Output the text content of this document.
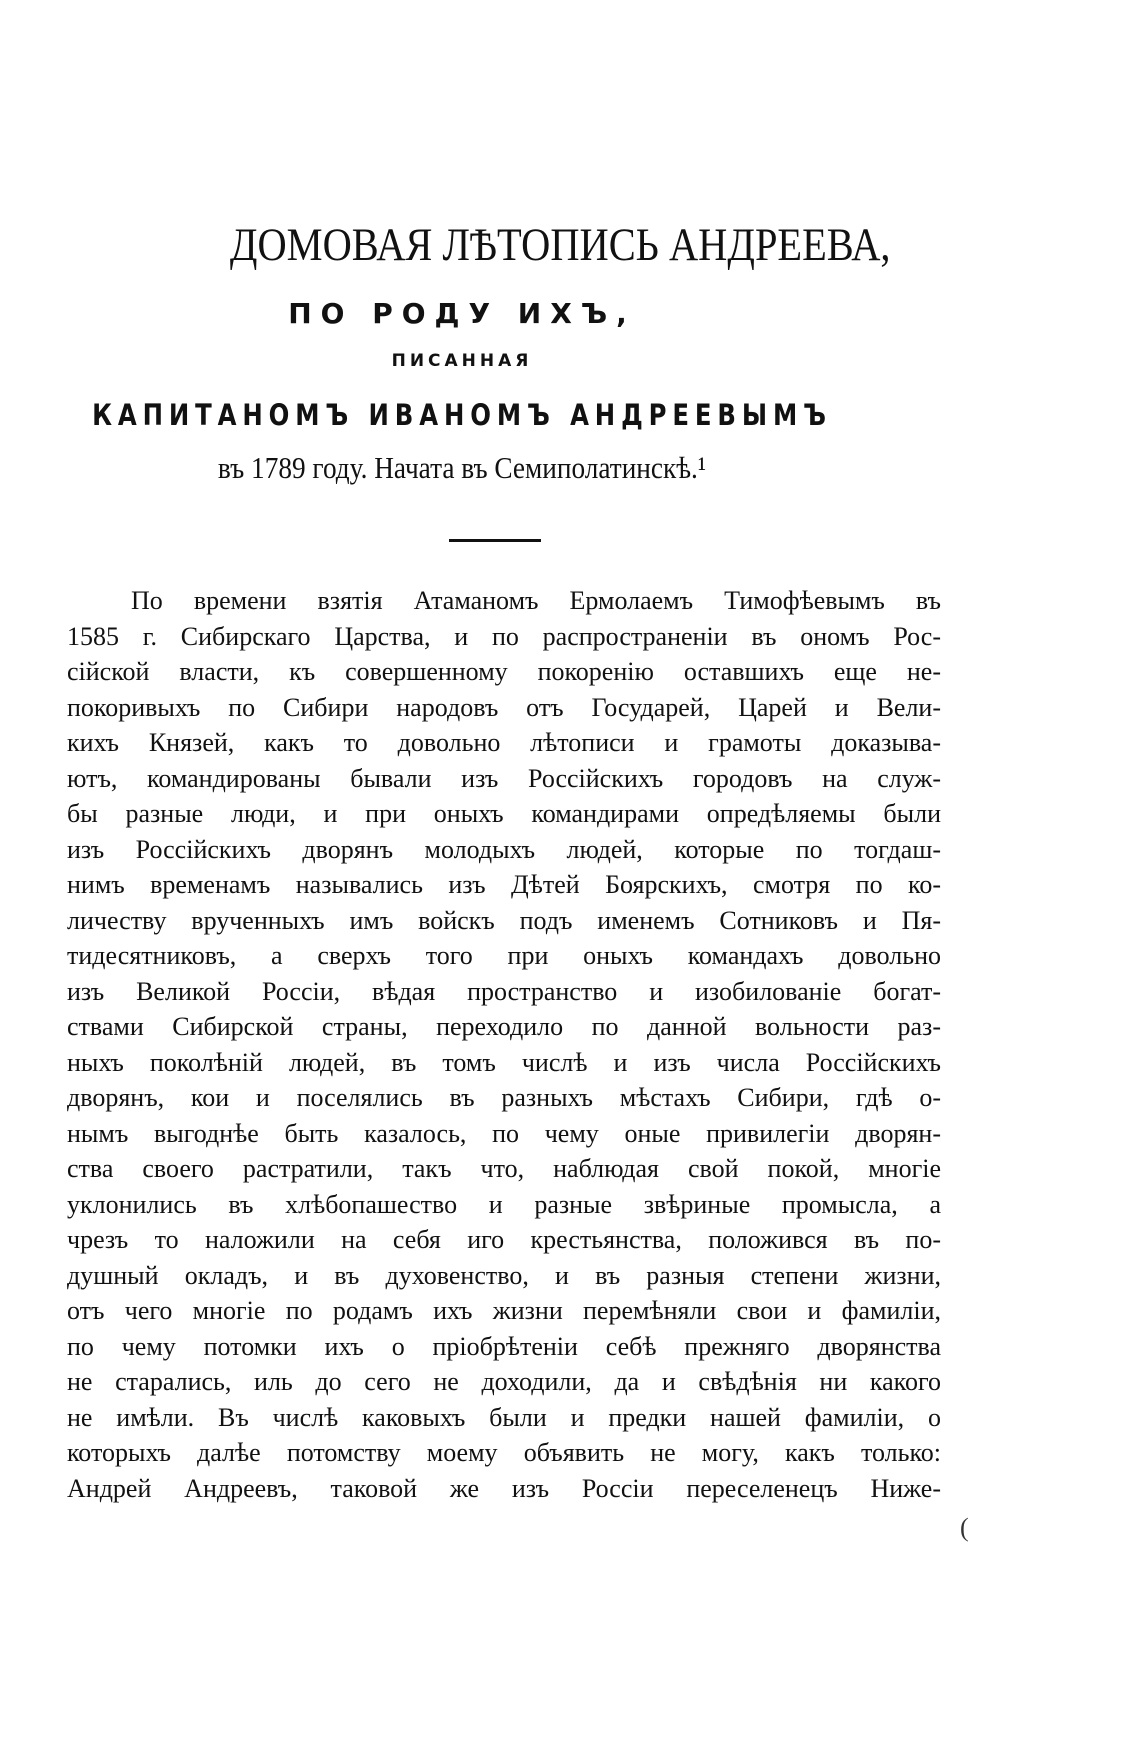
ДОМОВАЯ ЛѢТОПИСЬ АНДРЕЕВА,
ПО РОДУ ИХЪ,
ПИСАННАЯ
КАПИТАНОМЪ ИВАНОМЪ АНДРЕЕВЫМЪ
въ 1789 году. Начата въ Семиполатинскѣ.¹
По времени взятія Атаманомъ Ермолаемъ Тимофѣевымъ въ
1585 г. Сибирскаго Царства, и по распространеніи въ ономъ Рос-
сійской власти, къ совершенному покоренію оставшихъ еще не-
покоривыхъ по Сибири народовъ отъ Государей, Царей и Вели-
кихъ Князей, какъ то довольно лѣтописи и грамоты доказыва-
ютъ, командированы бывали изъ Россійскихъ городовъ на служ-
бы разные люди, и при оныхъ командирами опредѣляемы были
изъ Россійскихъ дворянъ молодыхъ людей, которые по тогдаш-
нимъ временамъ назывались изъ Дѣтей Боярскихъ, смотря по ко-
личеству врученныхъ имъ войскъ подъ именемъ Сотниковъ и Пя-
тидесятниковъ, а сверхъ того при оныхъ командахъ довольно
изъ Великой Россіи, вѣдая пространство и изобилованіе богат-
ствами Сибирской страны, переходило по данной вольности раз-
ныхъ поколѣній людей, въ томъ числѣ и изъ числа Россійскихъ
дворянъ, кои и поселялись въ разныхъ мѣстахъ Сибири, гдѣ о-
нымъ выгоднѣе быть казалось, по чему оные привилегіи дворян-
ства своего растратили, такъ что, наблюдая свой покой, многіе
уклонились въ хлѣбопашество и разные звѣриные промысла, а
чрезъ то наложили на себя иго крестьянства, положився въ по-
душный окладъ, и въ духовенство, и въ разныя степени жизни,
отъ чего многіе по родамъ ихъ жизни перемѣняли свои и фамиліи,
по чему потомки ихъ о пріобрѣтеніи себѣ прежняго дворянства
не старались, иль до сего не доходили, да и свѣдѣнія ни какого
не имѣли. Въ числѣ каковыхъ были и предки нашей фамиліи, о
которыхъ далѣе потомству моему объявить не могу, какъ только:
Андрей Андреевъ, таковой же изъ Россіи переселенецъ Ниже-
(
